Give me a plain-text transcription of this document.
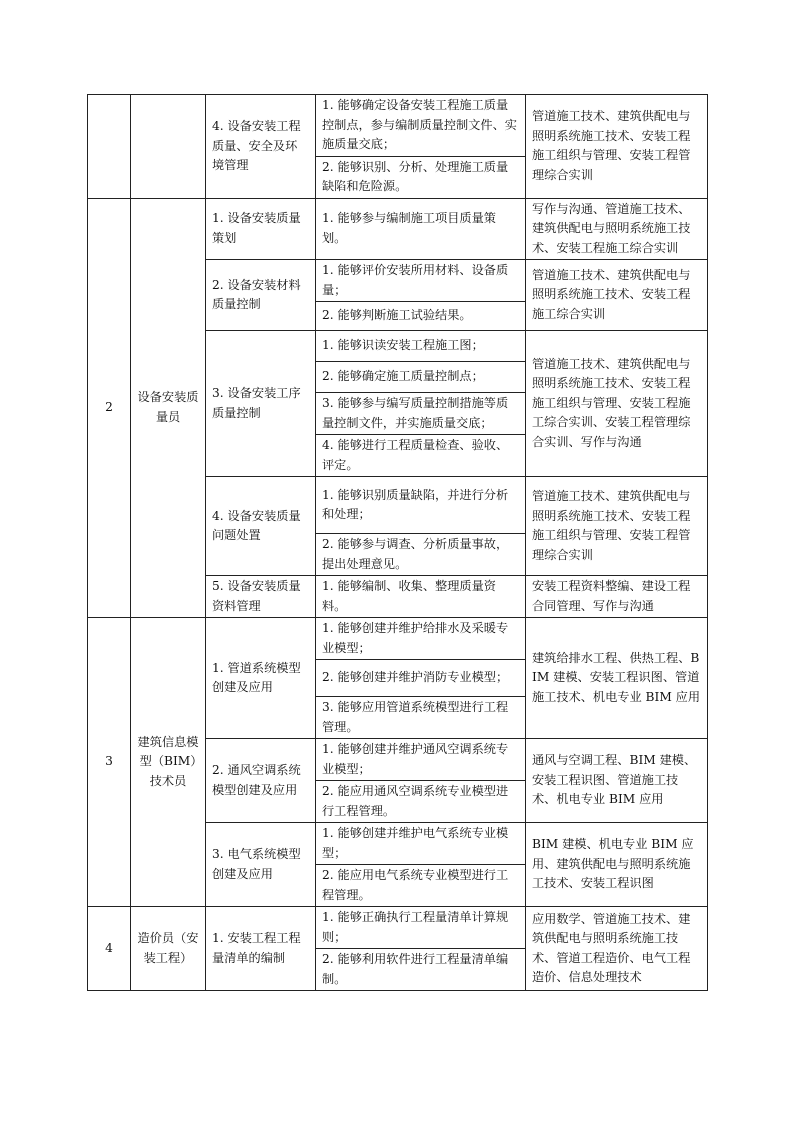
		4. 设备安装工程质量、安全及环境管理	1. 能够确定设备安装工程施工质量控制点，参与编制质量控制文件、实施质量交底；	管道施工技术、建筑供配电与照明系统施工技术、安装工程施工组织与管理、安装工程管理综合实训
			2. 能够识别、分析、处理施工质量缺陷和危险源。	
2	设备安装质量员	1. 设备安装质量策划	1. 能够参与编制施工项目质量策划。	写作与沟通、管道施工技术、建筑供配电与照明系统施工技术、安装工程施工综合实训
		2. 设备安装材料质量控制	1. 能够评价安装所用材料、设备质量；	管道施工技术、建筑供配电与照明系统施工技术、安装工程施工综合实训
			2. 能够判断施工试验结果。	
		3. 设备安装工序质量控制	1. 能够识读安装工程施工图；	管道施工技术、建筑供配电与照明系统施工技术、安装工程施工组织与管理、安装工程施工综合实训、安装工程管理综合实训、写作与沟通
			2. 能够确定施工质量控制点；	
			3. 能够参与编写质量控制措施等质量控制文件，并实施质量交底；	
			4. 能够进行工程质量检查、验收、评定。	
		4. 设备安装质量问题处置	1. 能够识别质量缺陷，并进行分析和处理；	管道施工技术、建筑供配电与照明系统施工技术、安装工程施工组织与管理、安装工程管理综合实训
			2. 能够参与调查、分析质量事故，提出处理意见。	
		5. 设备安装质量资料管理	1. 能够编制、收集、整理质量资料。	安装工程资料整编、建设工程合同管理、写作与沟通
3	建筑信息模型（BIM）技术员	1. 管道系统模型创建及应用	1. 能够创建并维护给排水及采暖专业模型；	建筑给排水工程、供热工程、BIM 建模、安装工程识图、管道施工技术、机电专业 BIM 应用
			2. 能够创建并维护消防专业模型；	
			3. 能够应用管道系统模型进行工程管理。	
		2. 通风空调系统模型创建及应用	1. 能够创建并维护通风空调系统专业模型；	通风与空调工程、BIM 建模、安装工程识图、管道施工技术、机电专业 BIM 应用
			2. 能应用通风空调系统专业模型进行工程管理。	
		3. 电气系统模型创建及应用	1. 能够创建并维护电气系统专业模型；	BIM 建模、机电专业 BIM 应用、建筑供配电与照明系统施工技术、安装工程识图
			2. 能应用电气系统专业模型进行工程管理。	
4	造价员（安装工程）	1. 安装工程工程量清单的编制	1. 能够正确执行工程量清单计算规则；	应用数学、管道施工技术、建筑供配电与照明系统施工技术、管道工程造价、电气工程造价、信息处理技术
			2. 能够利用软件进行工程量清单编制。	
